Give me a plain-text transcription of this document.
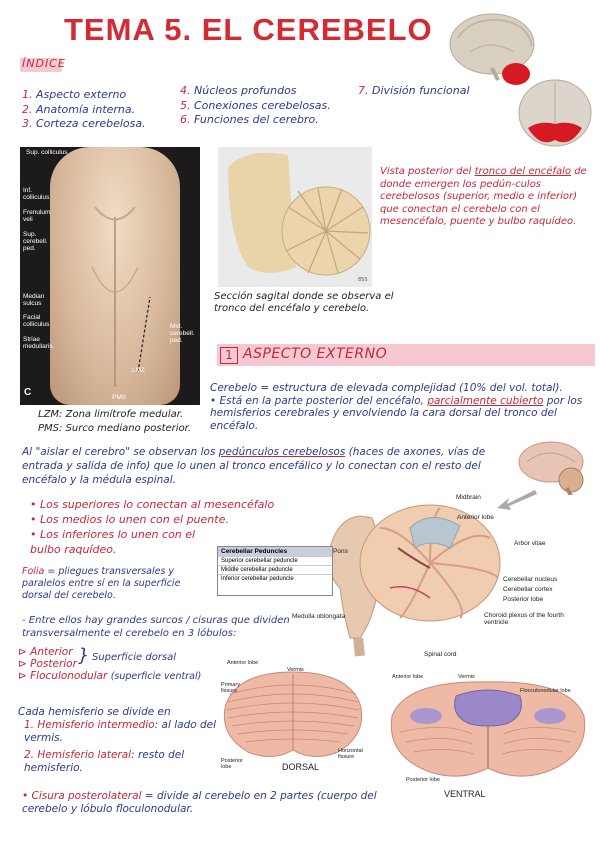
TEMA 5. EL CEREBELO
ÍNDICE
1. Aspecto externo
2. Anatomía interna.
3. Corteza cerebelosa.
4. Núcleos profundos
5. Conexiones cerebelosas.
6. Funciones del cerebro.
7. División funcional
Sup. colliculus
Inf. colliculus
Frenulum veli
Sup. cerebell. ped.
Median sulcus
Facial colliculus
Striae medullaris
Mid. cerebell. ped.
LMZ
PMS
C
LZM: Zona limítrofe medular.
PMS: Surco mediano posterior.
855
Sección sagital donde se observa el tronco del encéfalo y cerebelo.
Vista posterior del tronco del encéfalo de donde emergen los pedún-culos cerebelosos (superior, medio e inferior) que conectan el cerebelo con el mesencéfalo, puente y bulbo raquídeo.
1 ASPECTO EXTERNO
Cerebelo = estructura de elevada complejidad (10% del vol. total).
• Está en la parte posterior del encéfalo, parcialmente cubierto por los hemisferios cerebrales y envolviendo la cara dorsal del tronco del encéfalo.
Al "aislar el cerebro" se observan los pedúnculos cerebelosos (haces de axones, vías de entrada y salida de info) que lo unen al tronco encefálico y lo conectan con el resto del encéfalo y la médula espinal.
• Los superiores lo conectan al mesencéfalo
• Los medios lo unen con el puente.
• Los inferiores lo unen con el bulbo raquídeo.
Folia = pliegues transversales y paralelos entre sí en la superficie dorsal del cerebelo.
Midbrain
Anterior lobe
Arbor vitae
Pons
Cerebellar nucleus
Cerebellar cortex
Posterior lobe
Medulla oblongata	Choroid plexus of the fourth ventricle
Spinal cord
Cerebellar Peduncles
Superior cerebellar peduncle
Middle cerebellar peduncle
Inferior cerebellar peduncle
- Entre ellos hay grandes surcos / cisuras que dividen transversalmente el cerebelo en 3 lóbulos:
⊳ Anterior
⊳ Posterior
⊳ Floculonodular (superficie ventral)
} Superficie dorsal	Anterior lobe
Vermis
Primary fissure
Posterior lobe
Horizontal fissure
DORSAL
Anterior lobe	Vermis
Flocculonodular lobe
Posterior lobe
VENTRAL
Cada hemisferio se divide en
1. Hemisferio intermedio: al lado del vermis.
2. Hemisferio lateral: resto del hemisferio.
• Cisura posterolateral = divide al cerebelo en 2 partes (cuerpo del cerebelo y lóbulo floculonodular.
